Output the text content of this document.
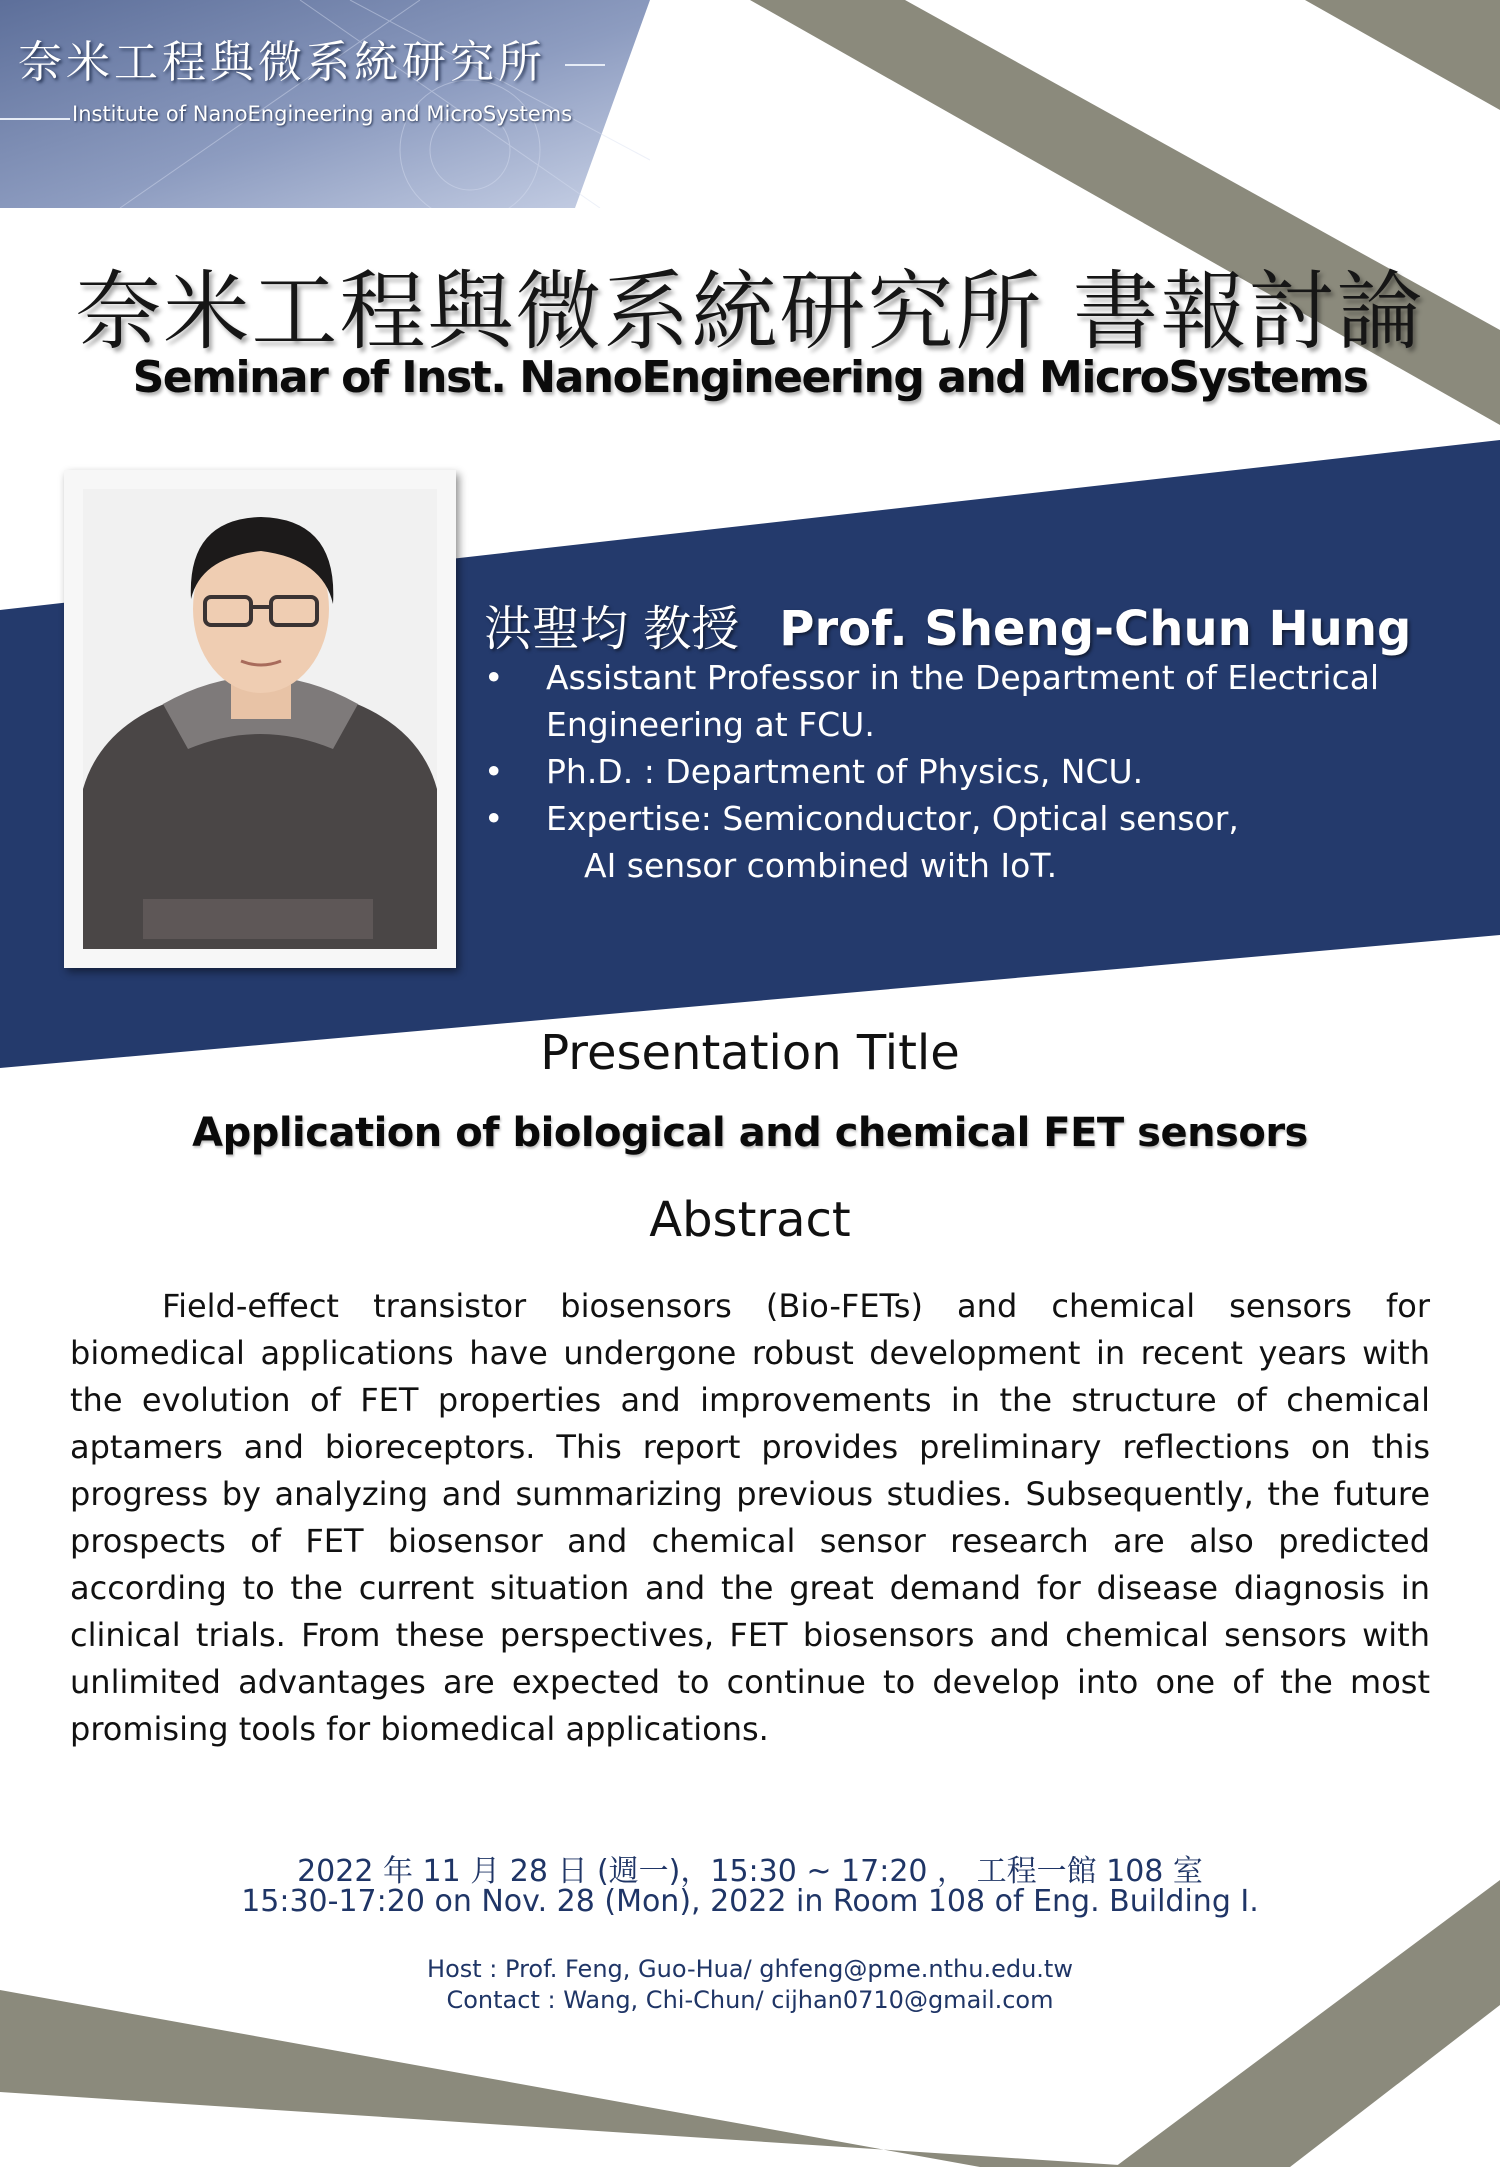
奈米工程與微系統研究所
Institute of NanoEngineering and MicroSystems
奈米工程與微系統研究所 書報討論
Seminar of Inst. NanoEngineering and MicroSystems
洪聖均 教授 Prof. Sheng-Chun Hung
• Assistant Professor in the Department of Electrical Engineering at FCU.
• Ph.D. : Department of Physics, NCU.
• Expertise: Semiconductor, Optical sensor,
AI sensor combined with IoT.
Presentation Title
Application of biological and chemical FET sensors
Abstract

Field-effect transistor biosensors (Bio-FETs) and chemical sensors for biomedical applications have undergone robust development in recent years with the evolution of FET properties and improvements in the structure of chemical aptamers and bioreceptors. This report provides preliminary reflections on this progress by analyzing and summarizing previous studies. Subsequently, the future prospects of FET biosensor and chemical sensor research are also predicted according to the current situation and the great demand for disease diagnosis in clinical trials. From these perspectives, FET biosensors and chemical sensors with unlimited advantages are expected to continue to develop into one of the most promising tools for biomedical applications.

2022 年 11 月 28 日 (週一)，15:30 ~ 17:20 ， 工程一館 108 室
15:30-17:20 on Nov. 28 (Mon), 2022 in Room 108 of Eng. Building I.
Host : Prof. Feng, Guo-Hua/ ghfeng@pme.nthu.edu.tw
Contact : Wang, Chi-Chun/ cijhan0710@gmail.com
